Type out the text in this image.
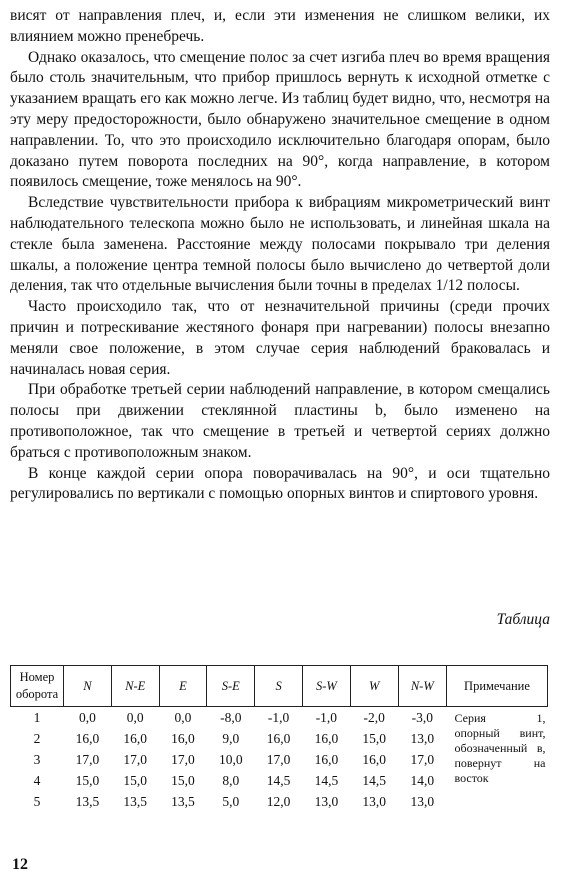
висят от направления плеч, и, если эти изменения не слишком велики, их влиянием можно пренебречь.

Однако оказалось, что смещение полос за счет изгиба плеч во время вращения было столь значительным, что прибор пришлось вернуть к исходной отметке с указанием вращать его как можно легче. Из таблиц будет видно, что, несмотря на эту меру предосторожности, было обнаружено значительное смещение в одном направлении. То, что это происходило исключительно благодаря опорам, было доказано путем поворота последних на 90°, когда направление, в котором появилось смещение, тоже менялось на 90°.

Вследствие чувствительности прибора к вибрациям микрометрический винт наблюдательного телескопа можно было не использовать, и линейная шкала на стекле была заменена. Расстояние между полосами покрывало три деления шкалы, а положение центра темной полосы было вычислено до четвертой доли деления, так что отдельные вычисления были точны в пределах 1/12 полосы.

Часто происходило так, что от незначительной причины (среди прочих причин и потрескивание жестяного фонаря при нагревании) полосы внезапно меняли свое положение, в этом случае серия наблюдений браковалась и начиналась новая серия.

При обработке третьей серии наблюдений направление, в котором смещались полосы при движении стеклянной пластины b, было изменено на противоположное, так что смещение в третьей и четвертой сериях должно браться с противоположным знаком.

В конце каждой серии опора поворачивалась на 90°, и оси тщательно регулировались по вертикали с помощью опорных винтов и спиртового уровня.

Таблица

Номер оборота	N	N-E	E	S-E	S	S-W	W	N-W	Примечание
1	0,0	0,0	0,0	-8,0	-1,0	-1,0	-2,0	-3,0	Серия 1, опорный винт, обозначенный в, повернут на восток
2	16,0	16,0	16,0	9,0	16,0	16,0	15,0	13,0	
3	17,0	17,0	17,0	10,0	17,0	16,0	16,0	17,0	
4	15,0	15,0	15,0	8,0	14,5	14,5	14,5	14,0	
5	13,5	13,5	13,5	5,0	12,0	13,0	13,0	13,0	

12
